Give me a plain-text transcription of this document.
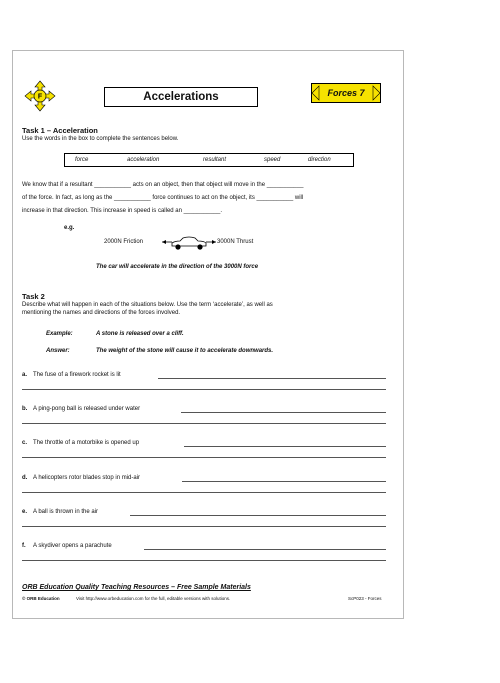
F	Accelerations	Forces 7
Task 1 – Acceleration
Use the words in the box to complete the sentences below.
force	acceleration	resultant	speed	direction
We know that if a resultant ___________ acts on an object, then that object will move in the ___________
of the force. In fact, as long as the ___________ force continues to act on the object, its ___________ will
increase in that direction. This increase in speed is called an ___________.
e.g.
2000N Friction	3000N Thrust
The car will accelerate in the direction of the 3000N force
Task 2
Describe what will happen in each of the situations below. Use the term ‘accelerate’, as well as
mentioning the names and directions of the forces involved.
Example:	A stone is released over a cliff.
Answer:	The weight of the stone will cause it to accelerate downwards.
a. The fuse of a firework rocket is lit
b. A ping-pong ball is released under water
c. The throttle of a motorbike is opened up
d. A helicopters rotor blades stop in mid-air
e. A ball is thrown in the air
f. A skydiver opens a parachute
ORB Education Quality Teaching Resources – Free Sample Materials
© ORB Education	Visit http://www.orbeducation.com for the full, editable versions with solutions.	ScP023 - Forces
